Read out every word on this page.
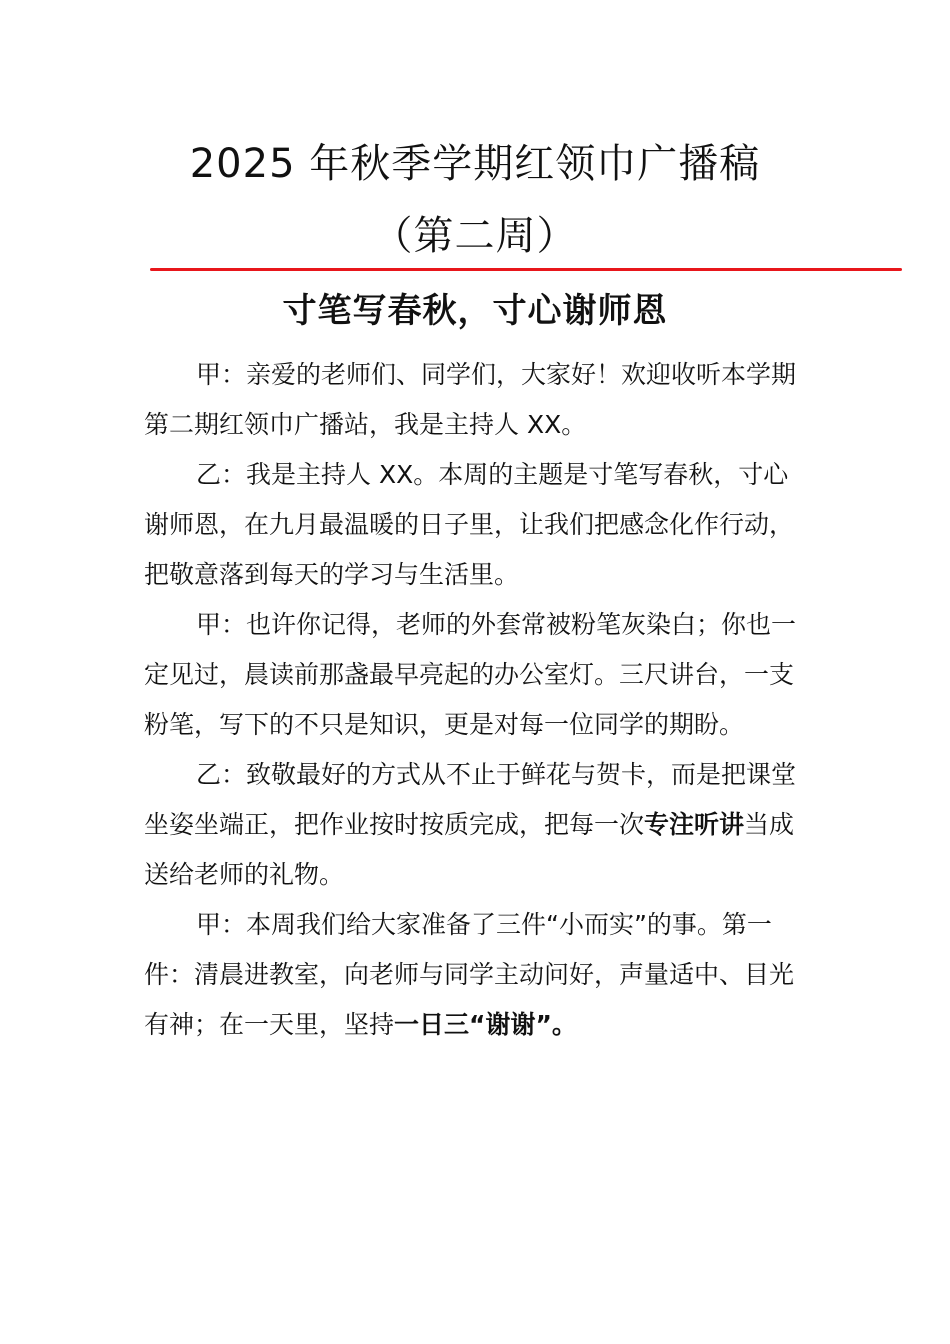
2025 年秋季学期红领巾广播稿
（第二周）
寸笔写春秋，寸心谢师恩

甲：亲爱的老师们、同学们，大家好！欢迎收听本学期第二期红领巾广播站，我是主持人 XX。

乙：我是主持人 XX。本周的主题是寸笔写春秋，寸心谢师恩，在九月最温暖的日子里，让我们把感念化作行动，把敬意落到每天的学习与生活里。

甲：也许你记得，老师的外套常被粉笔灰染白；你也一定见过，晨读前那盏最早亮起的办公室灯。三尺讲台，一支粉笔，写下的不只是知识，更是对每一位同学的期盼。

乙：致敬最好的方式从不止于鲜花与贺卡，而是把课堂坐姿坐端正，把作业按时按质完成，把每一次专注听讲当成送给老师的礼物。

甲：本周我们给大家准备了三件“小而实”的事。第一件：清晨进教室，向老师与同学主动问好，声量适中、目光有神；在一天里，坚持一日三“谢谢”。
